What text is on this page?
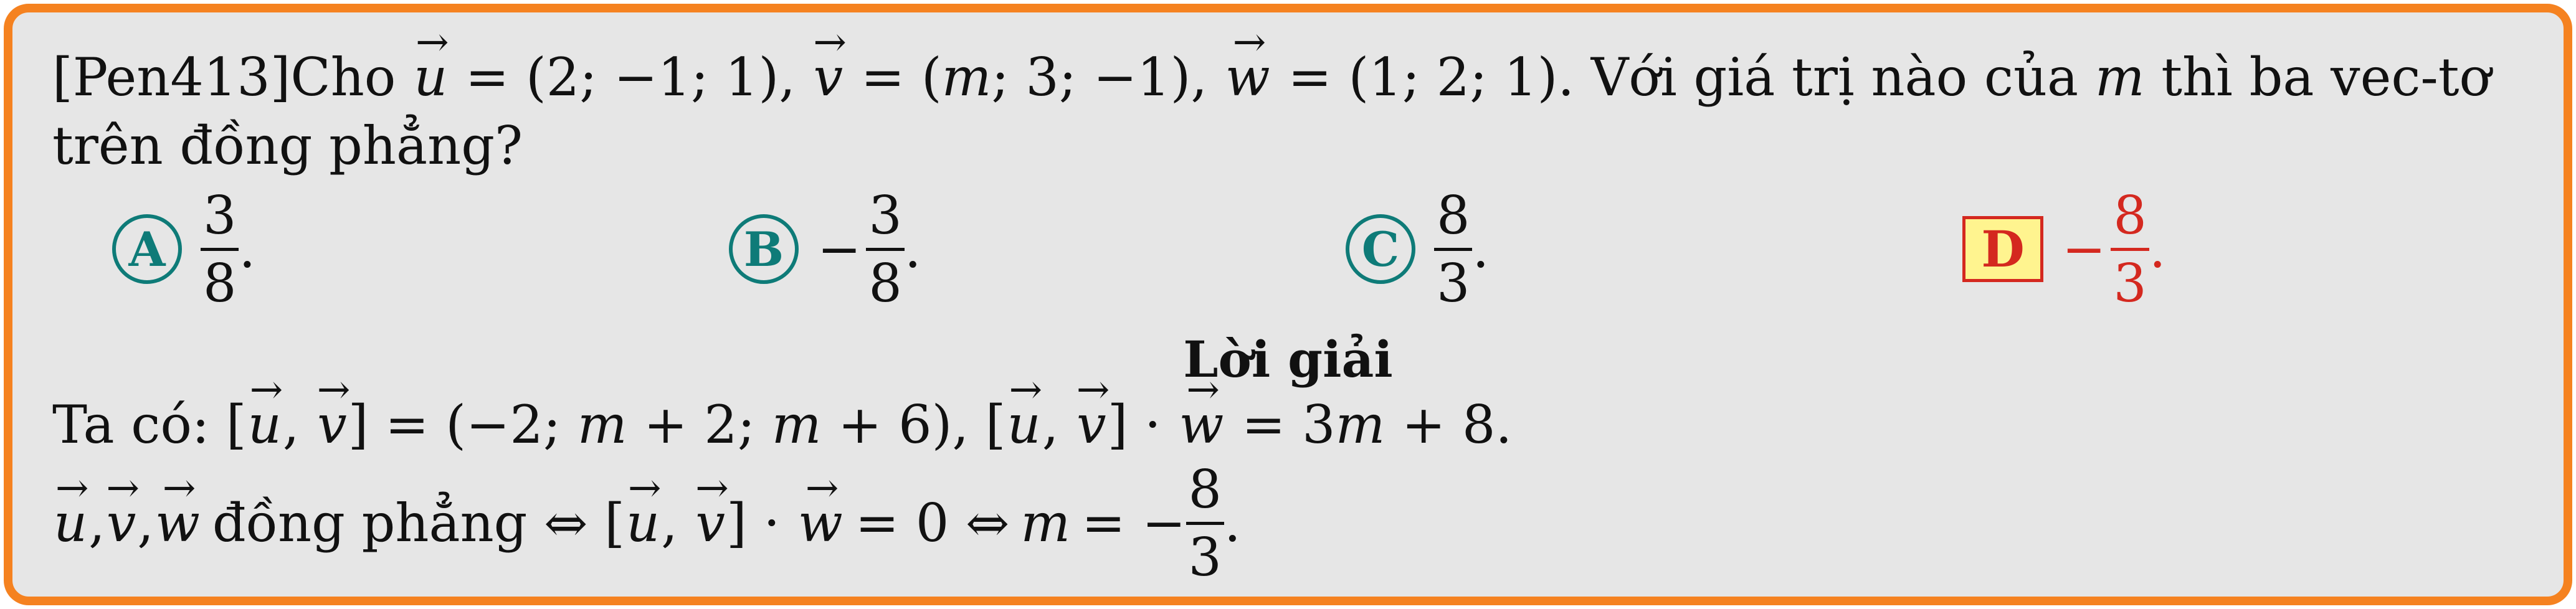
[Pen413]Cho → u = (2; −1; 1), → v = (m; 3; −1), → w = (1; 2; 1). Với giá trị nào của m thì ba vec-tơ
trên đồng phẳng?
A $\frac{3}{8}$ .	$B - \frac{3}{8}$ .	C $\frac{8}{3}$ .	$D - \frac{8}{3}$ .
Lời giải
Ta có: [→ u, → v] = (−2; m + 2; m + 6), [→ u, → v] · → w = 3m + 8.
→ u , → v , → w đồng phẳng ⇔ [ → u , → v ] ·
→ w = 0 ⇔ m = − $\frac{8}{3}$ .
